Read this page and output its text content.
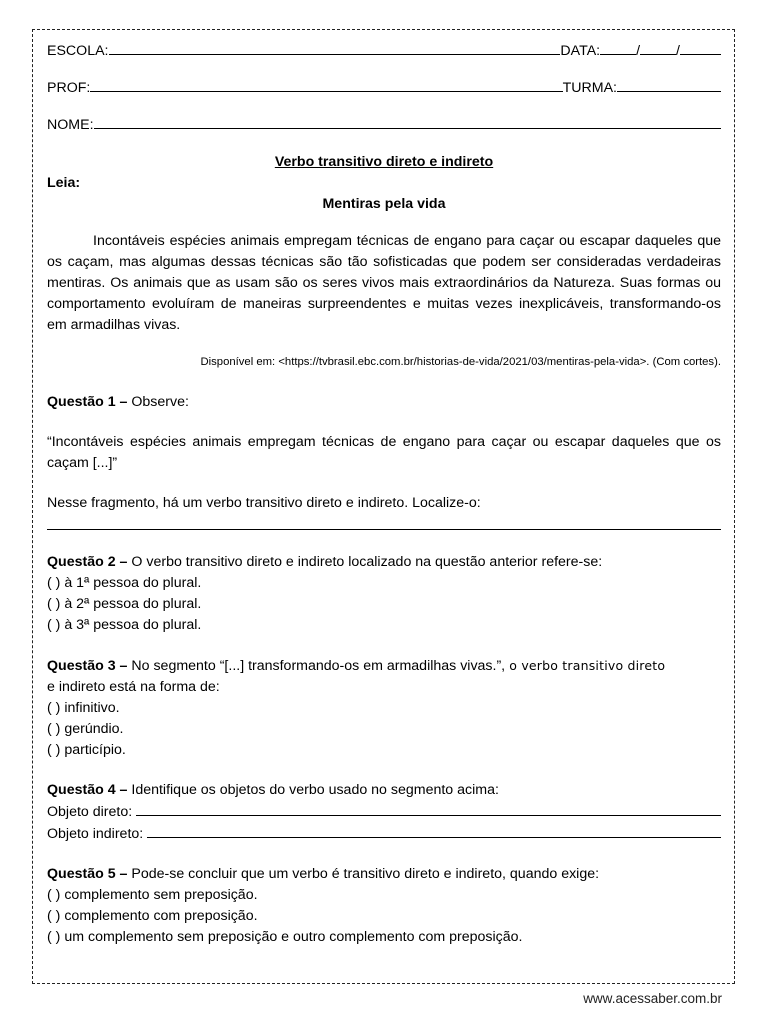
ESCOLA:	DATA:	/	/
PROF:	TURMA:
NOME:
Verbo transitivo direto e indireto
Leia:
Mentiras pela vida
Incontáveis espécies animais empregam técnicas de engano para caçar ou escapar daqueles que os caçam, mas algumas dessas técnicas são tão sofisticadas que podem ser consideradas verdadeiras mentiras. Os animais que as usam são os seres vivos mais extraordinários da Natureza. Suas formas ou comportamento evoluíram de maneiras surpreendentes e muitas vezes inexplicáveis, transformando-os em armadilhas vivas.
Disponível em: <https://tvbrasil.ebc.com.br/historias-de-vida/2021/03/mentiras-pela-vida>. (Com cortes).
Questão 1 – Observe:
“Incontáveis espécies animais empregam técnicas de engano para caçar ou escapar daqueles que os caçam [...]”
Nesse fragmento, há um verbo transitivo direto e indireto. Localize-o:
Questão 2 – O verbo transitivo direto e indireto localizado na questão anterior refere-se:
( ) à 1ª pessoa do plural.
( ) à 2ª pessoa do plural.
( ) à 3ª pessoa do plural.
Questão 3 – No segmento “[...] transformando-os em armadilhas vivas.”, o verbo transitivo direto
e indireto está na forma de:
( ) infinitivo.
( ) gerúndio.
( ) particípio.
Questão 4 – Identifique os objetos do verbo usado no segmento acima:
Objeto direto:
Objeto indireto:
Questão 5 – Pode-se concluir que um verbo é transitivo direto e indireto, quando exige:
( ) complemento sem preposição.
( ) complemento com preposição.
( ) um complemento sem preposição e outro complemento com preposição.
www.acessaber.com.br
